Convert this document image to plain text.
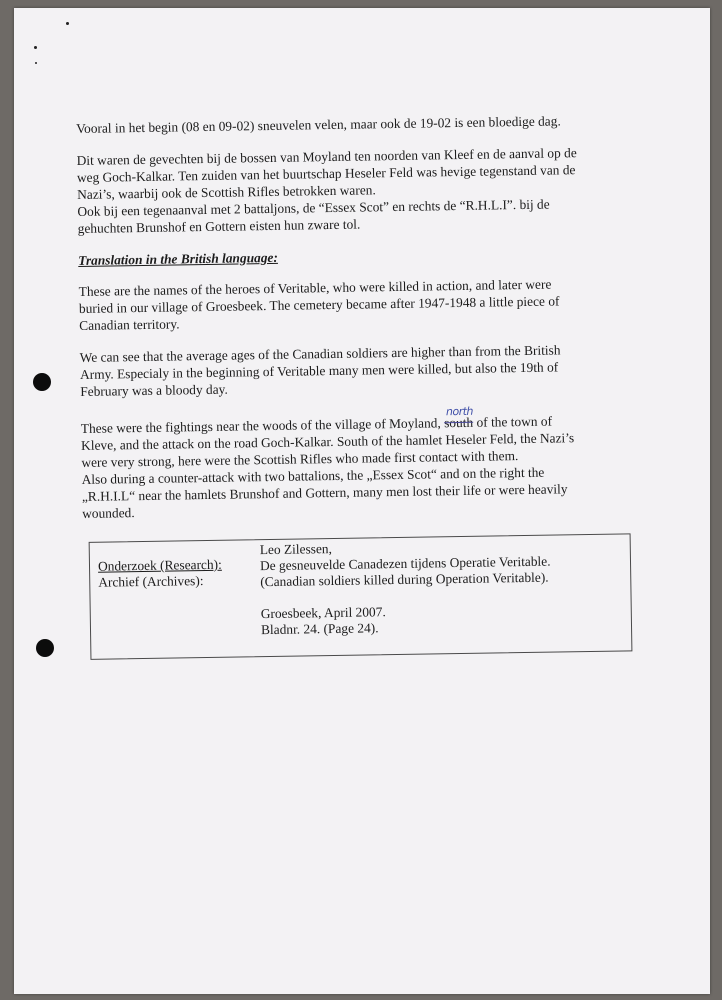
Vooral in het begin (08 en 09-02) sneuvelen velen, maar ook de 19-02 is een bloedige dag.
Dit waren de gevechten bij de bossen van Moyland ten noorden van Kleef en de aanval op de
weg Goch-Kalkar. Ten zuiden van het buurtschap Heseler Feld was hevige tegenstand van de
Nazi’s, waarbij ook de Scottish Rifles betrokken waren.
Ook bij een tegenaanval met 2 battaljons, de “Essex Scot” en rechts de “R.H.L.I”. bij de
gehuchten Brunshof en Gottern eisten hun zware tol.
Translation in the British language:
These are the names of the heroes of Veritable, who were killed in action, and later were
buried in our village of Groesbeek. The cemetery became after 1947-1948 a little piece of
Canadian territory.
We can see that the average ages of the Canadian soldiers are higher than from the British
Army. Especialy in the beginning of Veritable many men were killed, but also the 19th of
February was a bloody day.
These were the fightings near the woods of the village of Moyland, south
north
of the town of
Kleve, and the attack on the road Goch-Kalkar. South of the hamlet Heseler Feld, the Nazi’s
were very strong, here were the Scottish Rifles who made first contact with them.
Also during a counter-attack with two battalions, the „Essex Scot“ and on the right the
„R.H.I.L“ near the hamlets Brunshof and Gottern, many men lost their life or were heavily
wounded.
Onderzoek (Research):
Archief (Archives):
Leo Zilessen,
De gesneuvelde Canadezen tijdens Operatie Veritable.
(Canadian soldiers killed during Operation Veritable).
Groesbeek, April 2007.
Bladnr. 24. (Page 24).
